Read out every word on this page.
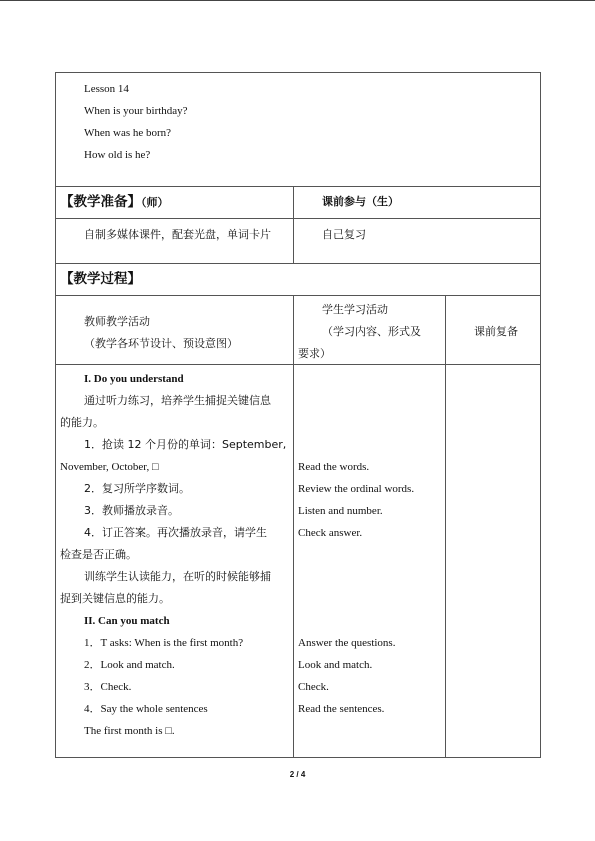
Lesson 14
When is your birthday?
When was he born?
How old is he?
【教学准备】（师）	课前参与（生）
自制多媒体课件，配套光盘，单词卡片	自己复习
【教学过程】
教师教学活动
（教学各环节设计、预设意图）
学生学习活动
（学习内容、形式及
要求）
课前复备
I. Do you understand
通过听力练习，培养学生捕捉关键信息
的能力。
1．抢读 12 个月份的单词：September,
November, October, □
2．复习所学序数词。
3．教师播放录音。
4．订正答案。再次播放录音，请学生
检查是否正确。
训练学生认读能力，在听的时候能够捕
捉到关键信息的能力。
II. Can you match
1．T asks: When is the first month?
2．Look and match.
3．Check.
4．Say the whole sentences
The first month is □.
Read the words.
Review the ordinal words.
Listen and number.
Check answer.
Answer the questions.
Look and match.
Check.
Read the sentences.
2 / 4
